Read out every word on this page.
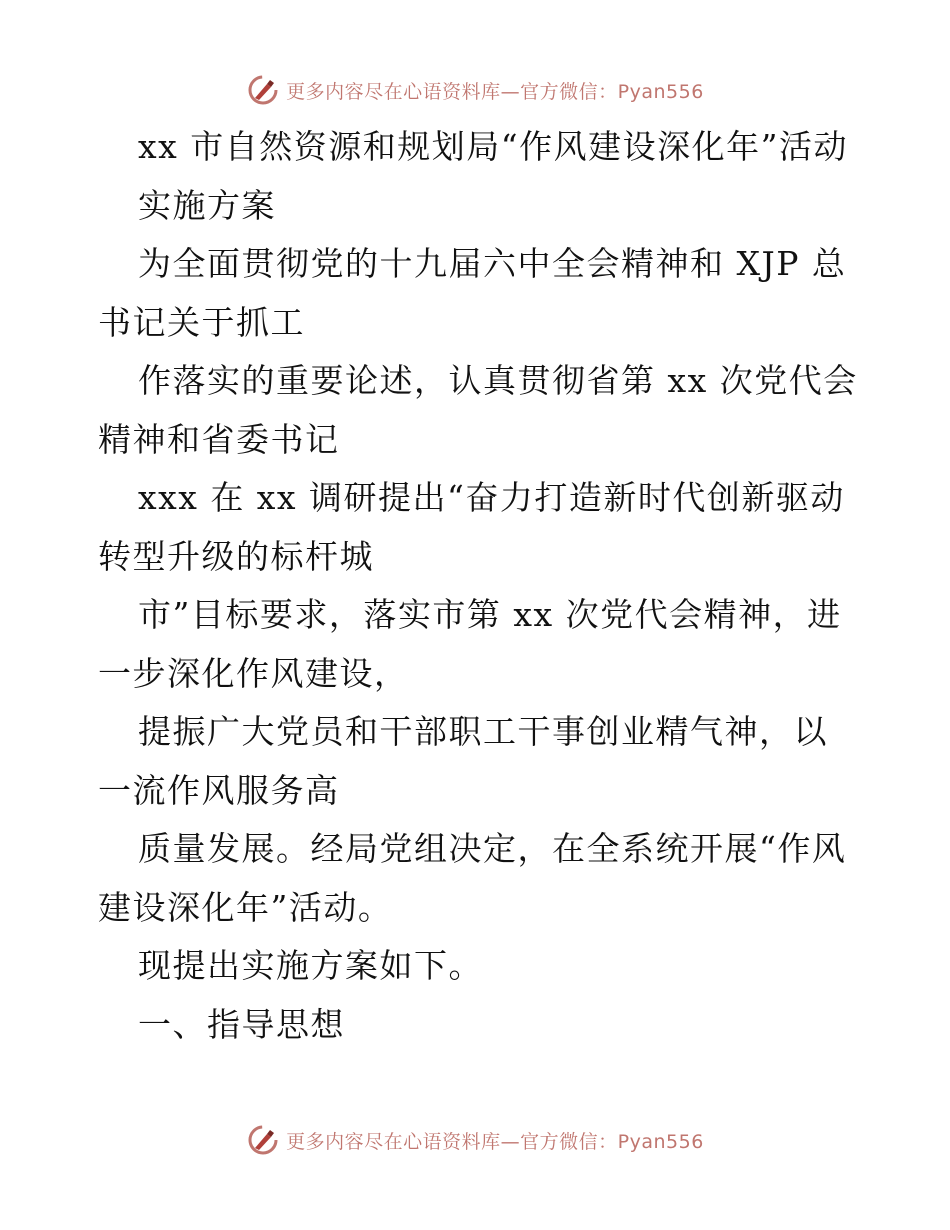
更多内容尽在心语资料库—官方微信：Pyan556

xx 市自然资源和规划局“作风建设深化年”活动

实施方案

为全面贯彻党的十九届六中全会精神和 XJP 总书记关于抓工

作落实的重要论述，认真贯彻省第 xx 次党代会精神和省委书记

xxx 在 xx 调研提出“奋力打造新时代创新驱动转型升级的标杆城

市”目标要求，落实市第 xx 次党代会精神，进一步深化作风建设，

提振广大党员和干部职工干事创业精气神，以一流作风服务高

质量发展。经局党组决定，在全系统开展“作风建设深化年”活动。

现提出实施方案如下。

一、指导思想

更多内容尽在心语资料库—官方微信：Pyan556
